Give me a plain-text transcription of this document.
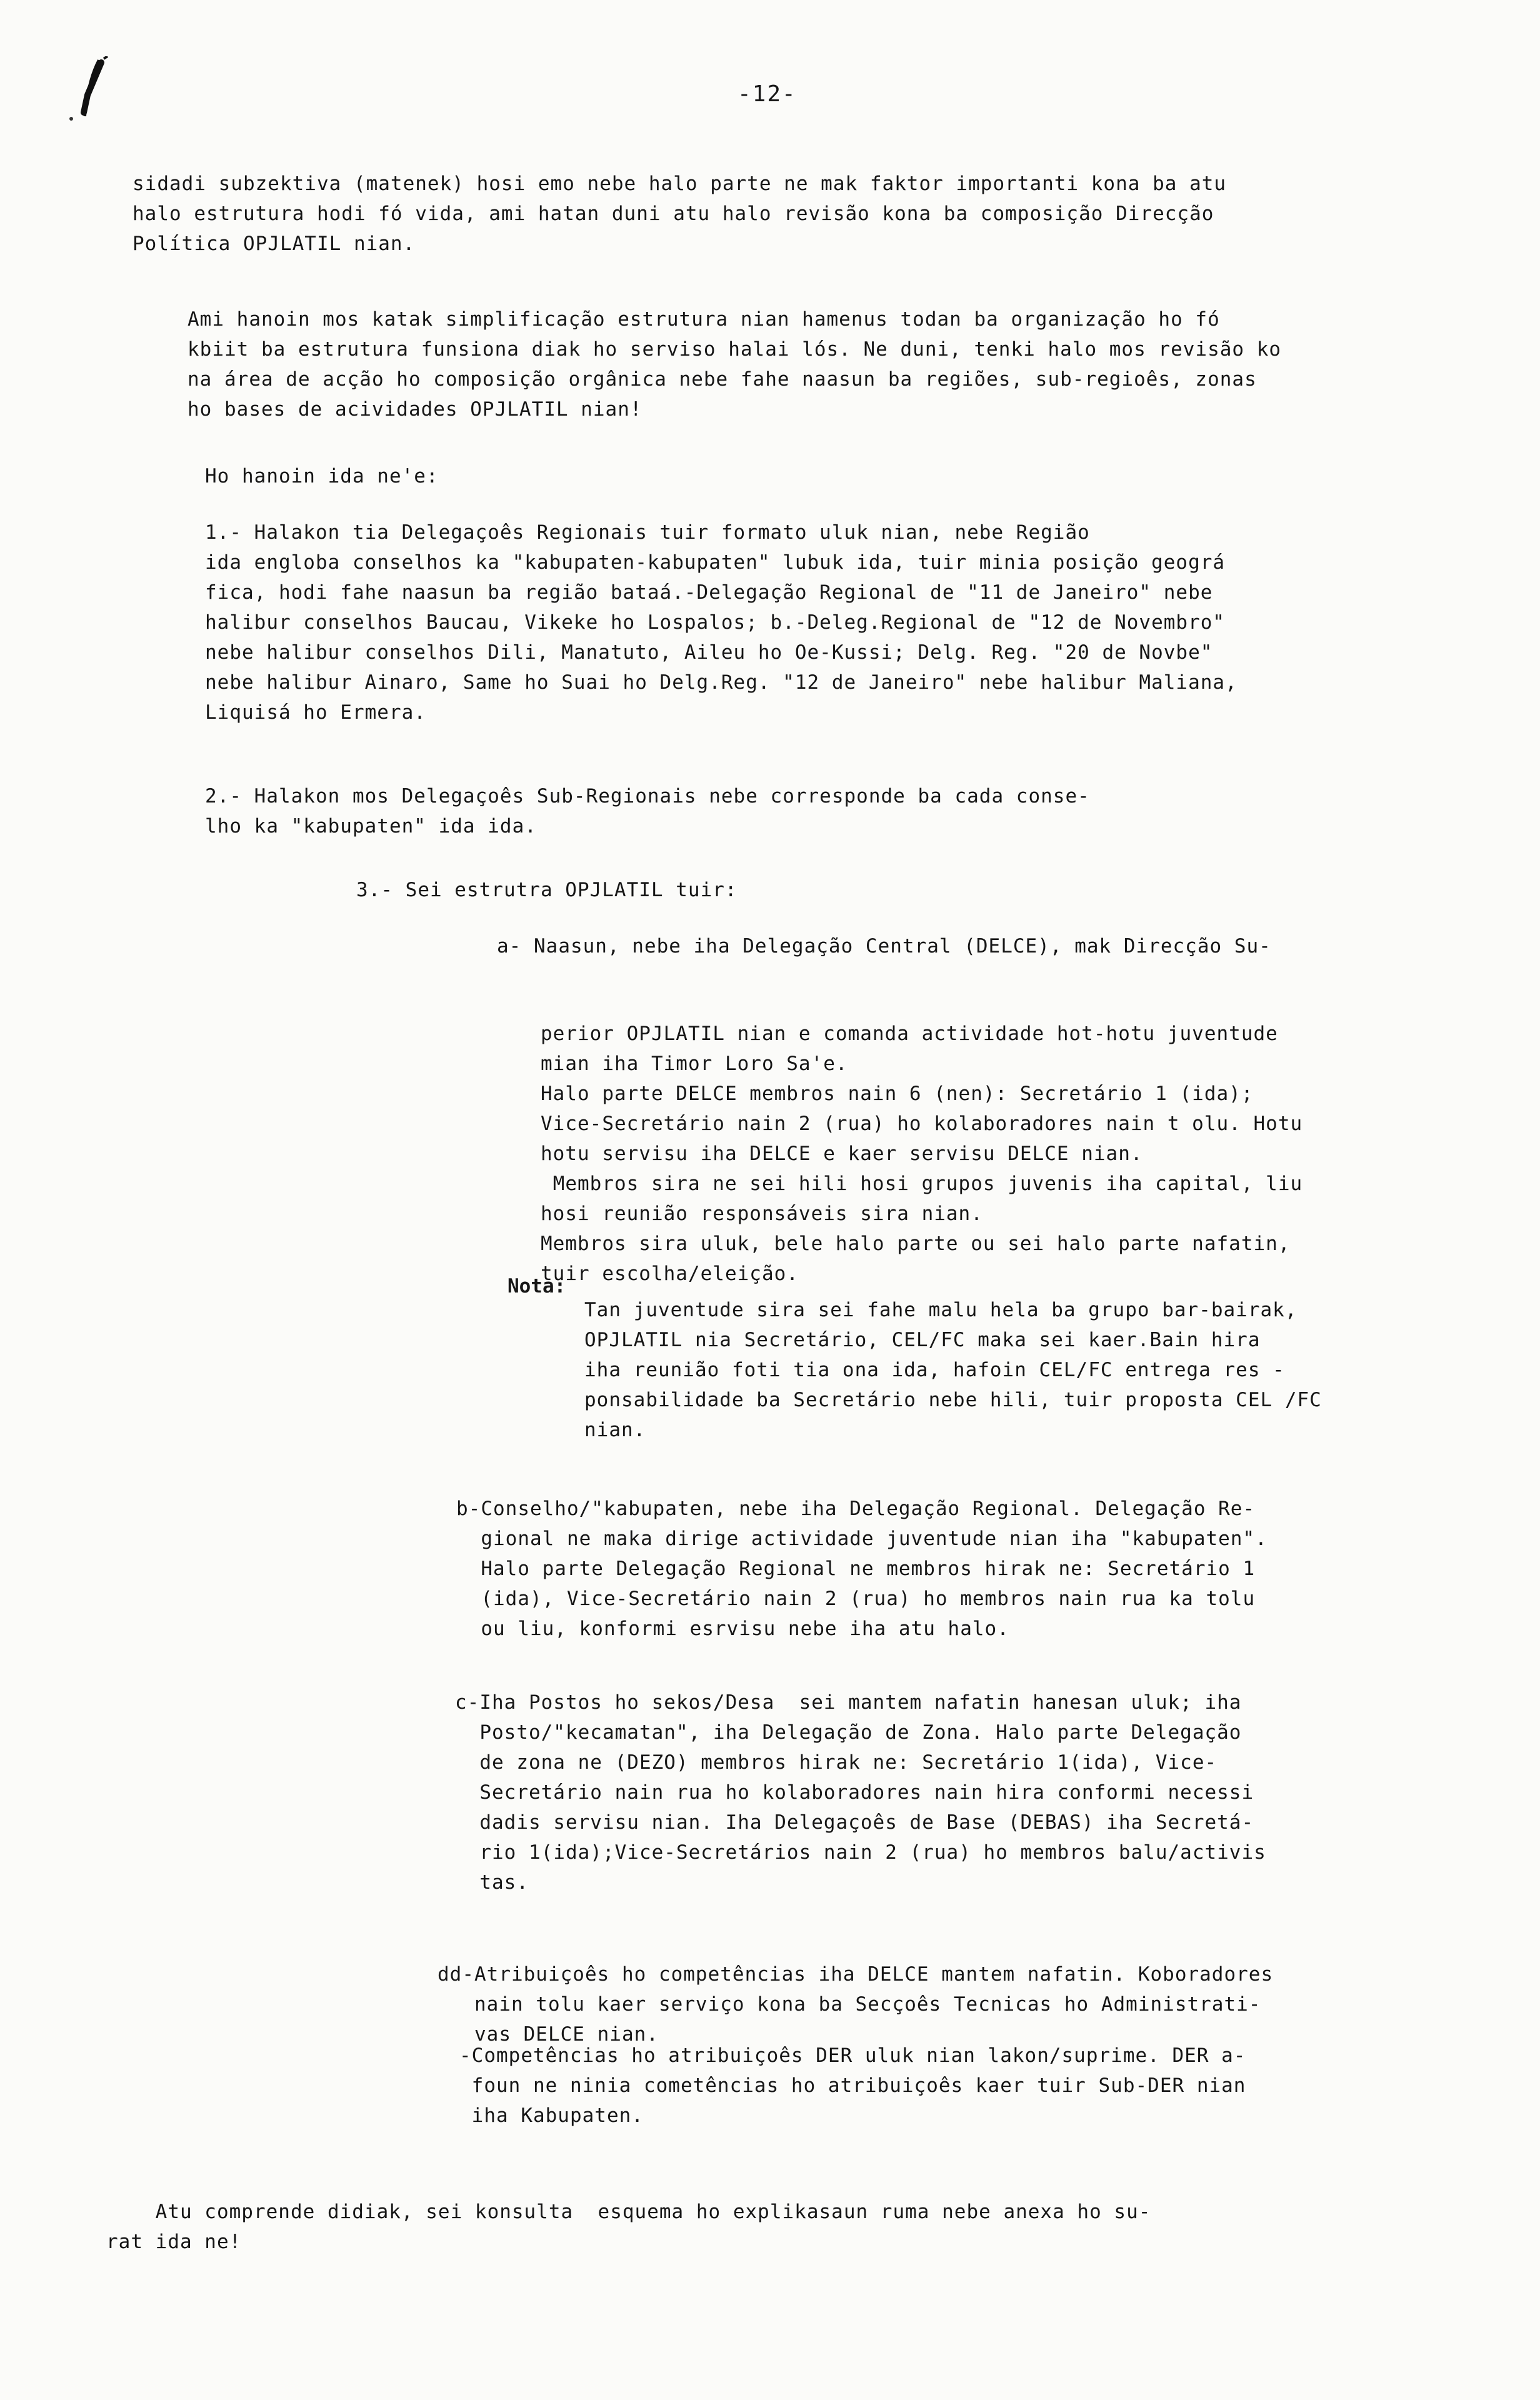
-12-
sidadi subzektiva (matenek) hosi emo nebe halo parte ne mak faktor importanti kona ba atu
halo estrutura hodi fó vida, ami hatan duni atu halo revisão kona ba composição Direcção
Política OPJLATIL nian.
Ami hanoin mos katak simplificação estrutura nian hamenus todan ba organização ho fó
kbiit ba estrutura funsiona diak ho serviso halai lós. Ne duni, tenki halo mos revisão ko
na área de acção ho composição orgânica nebe fahe naasun ba regiões, sub-regioês, zonas
ho bases de acividades OPJLATIL nian!
Ho hanoin ida ne'e:
1.- Halakon tia Delegaçoês Regionais tuir formato uluk nian, nebe Região
ida engloba conselhos ka "kabupaten-kabupaten" lubuk ida, tuir minia posição geográ
fica, hodi fahe naasun ba região bataá.-Delegação Regional de "11 de Janeiro" nebe
halibur conselhos Baucau, Vikeke ho Lospalos; b.-Deleg.Regional de "12 de Novembro"
nebe halibur conselhos Dili, Manatuto, Aileu ho Oe-Kussi; Delg. Reg. "20 de Novbe"
nebe halibur Ainaro, Same ho Suai ho Delg.Reg. "12 de Janeiro" nebe halibur Maliana,
Liquisá ho Ermera.
2.- Halakon mos Delegaçoês Sub-Regionais nebe corresponde ba cada conse-
lho ka "kabupaten" ida ida.
3.- Sei estrutra OPJLATIL tuir:
a- Naasun, nebe iha Delegação Central (DELCE), mak Direcção Su-
perior OPJLATIL nian e comanda actividade hot-hotu juventude
mian iha Timor Loro Sa'e.
Halo parte DELCE membros nain 6 (nen): Secretário 1 (ida);
Vice-Secretário nain 2 (rua) ho kolaboradores nain t olu. Hotu
hotu servisu iha DELCE e kaer servisu DELCE nian.
Membros sira ne sei hili hosi grupos juvenis iha capital, liu
hosi reunião responsáveis sira nian.
Membros sira uluk, bele halo parte ou sei halo parte nafatin,
tuir escolha/eleição.
Nota:
Tan juventude sira sei fahe malu hela ba grupo bar-bairak,
OPJLATIL nia Secretário, CEL/FC maka sei kaer.Bain hira
iha reunião foti tia ona ida, hafoin CEL/FC entrega res -
ponsabilidade ba Secretário nebe hili, tuir proposta CEL /FC
nian.
b-Conselho/"kabupaten, nebe iha Delegação Regional. Delegação Re-
gional ne maka dirige actividade juventude nian iha "kabupaten".
Halo parte Delegação Regional ne membros hirak ne: Secretário 1
(ida), Vice-Secretário nain 2 (rua) ho membros nain rua ka tolu
ou liu, konformi esrvisu nebe iha atu halo.
c-Iha Postos ho sekos/Desa  sei mantem nafatin hanesan uluk; iha
Posto/"kecamatan", iha Delegação de Zona. Halo parte Delegação
de zona ne (DEZO) membros hirak ne: Secretário 1(ida), Vice-
Secretário nain rua ho kolaboradores nain hira conformi necessi
dadis servisu nian. Iha Delegaçoês de Base (DEBAS) iha Secretá-
rio 1(ida);Vice-Secretários nain 2 (rua) ho membros balu/activis
tas.
dd-Atribuiçoês ho competências iha DELCE mantem nafatin. Koboradores
nain tolu kaer serviço kona ba Secçoês Tecnicas ho Administrati-
vas DELCE nian.
-Competências ho atribuiçoês DER uluk nian lakon/suprime. DER a-
foun ne ninia cometências ho atribuiçoês kaer tuir Sub-DER nian
iha Kabupaten.
Atu comprende didiak, sei konsulta  esquema ho explikasaun ruma nebe anexa ho su-
rat ida ne!
